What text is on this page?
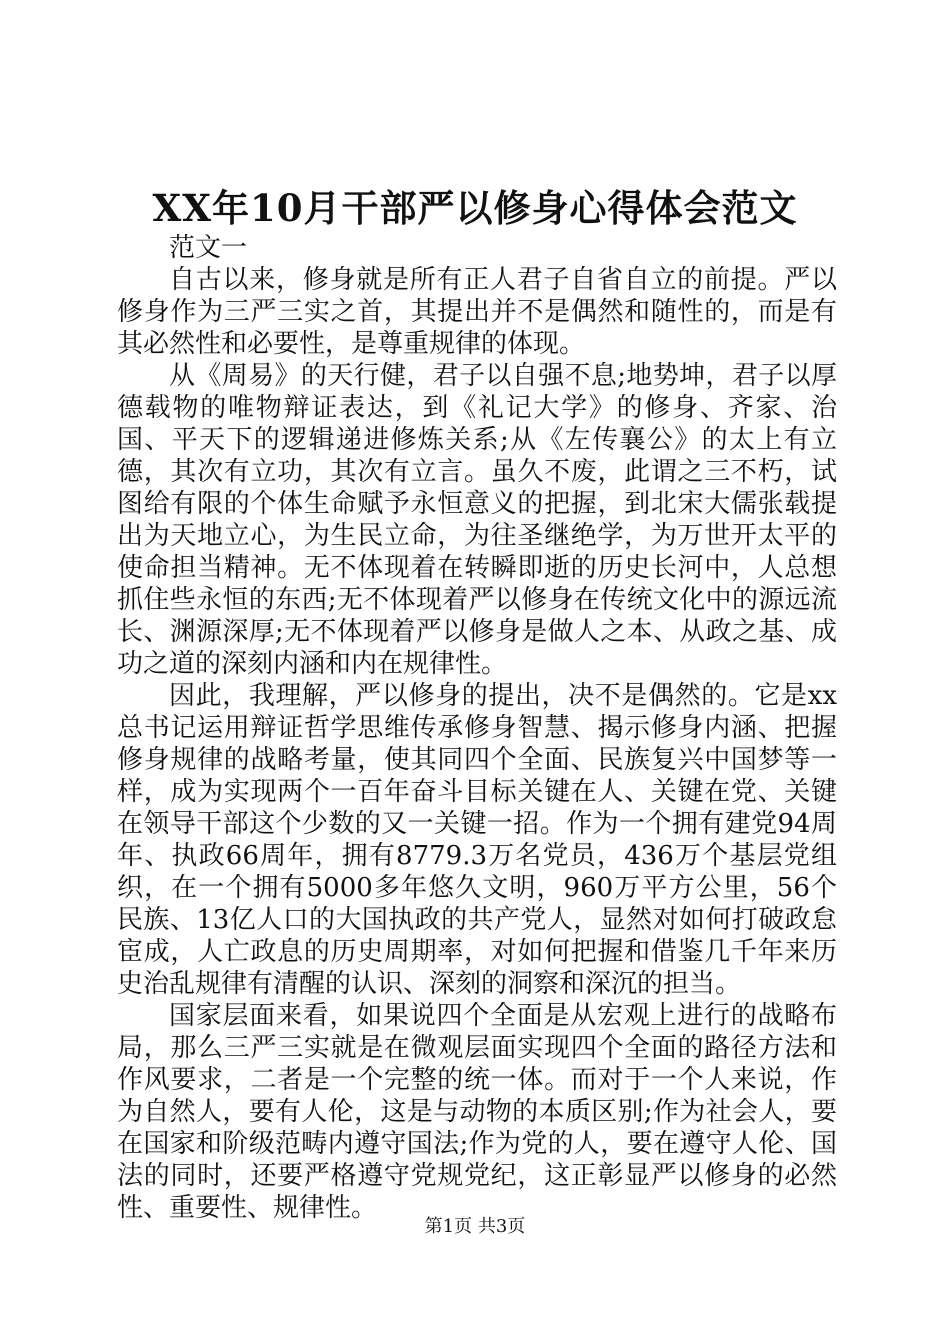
XX年10月干部严以修身心得体会范文

范文一

自古以来，修身就是所有正人君子自省自立的前提。严以修身作为三严三实之首，其提出并不是偶然和随性的，而是有其必然性和必要性，是尊重规律的体现。

从《周易》的天行健，君子以自强不息;地势坤，君子以厚德载物的唯物辩证表达，到《礼记大学》的修身、齐家、治国、平天下的逻辑递进修炼关系;从《左传襄公》的太上有立德，其次有立功，其次有立言。虽久不废，此谓之三不朽，试图给有限的个体生命赋予永恒意义的把握，到北宋大儒张载提出为天地立心，为生民立命，为往圣继绝学，为万世开太平的使命担当精神。无不体现着在转瞬即逝的历史长河中，人总想抓住些永恒的东西;无不体现着严以修身在传统文化中的源远流长、渊源深厚;无不体现着严以修身是做人之本、从政之基、成功之道的深刻内涵和内在规律性。

因此，我理解，严以修身的提出，决不是偶然的。它是xx总书记运用辩证哲学思维传承修身智慧、揭示修身内涵、把握修身规律的战略考量，使其同四个全面、民族复兴中国梦等一样，成为实现两个一百年奋斗目标关键在人、关键在党、关键在领导干部这个少数的又一关键一招。作为一个拥有建党94周年、执政66周年，拥有8779.3万名党员，436万个基层党组织，在一个拥有5000多年悠久文明，960万平方公里，56个民族、13亿人口的大国执政的共产党人，显然对如何打破政怠宦成，人亡政息的历史周期率，对如何把握和借鉴几千年来历史治乱规律有清醒的认识、深刻的洞察和深沉的担当。

国家层面来看，如果说四个全面是从宏观上进行的战略布局，那么三严三实就是在微观层面实现四个全面的路径方法和作风要求，二者是一个完整的统一体。而对于一个人来说，作为自然人，要有人伦，这是与动物的本质区别;作为社会人，要在国家和阶级范畴内遵守国法;作为党的人，要在遵守人伦、国法的同时，还要严格遵守党规党纪，这正彰显严以修身的必然性、重要性、规律性。

第1页 共3页
